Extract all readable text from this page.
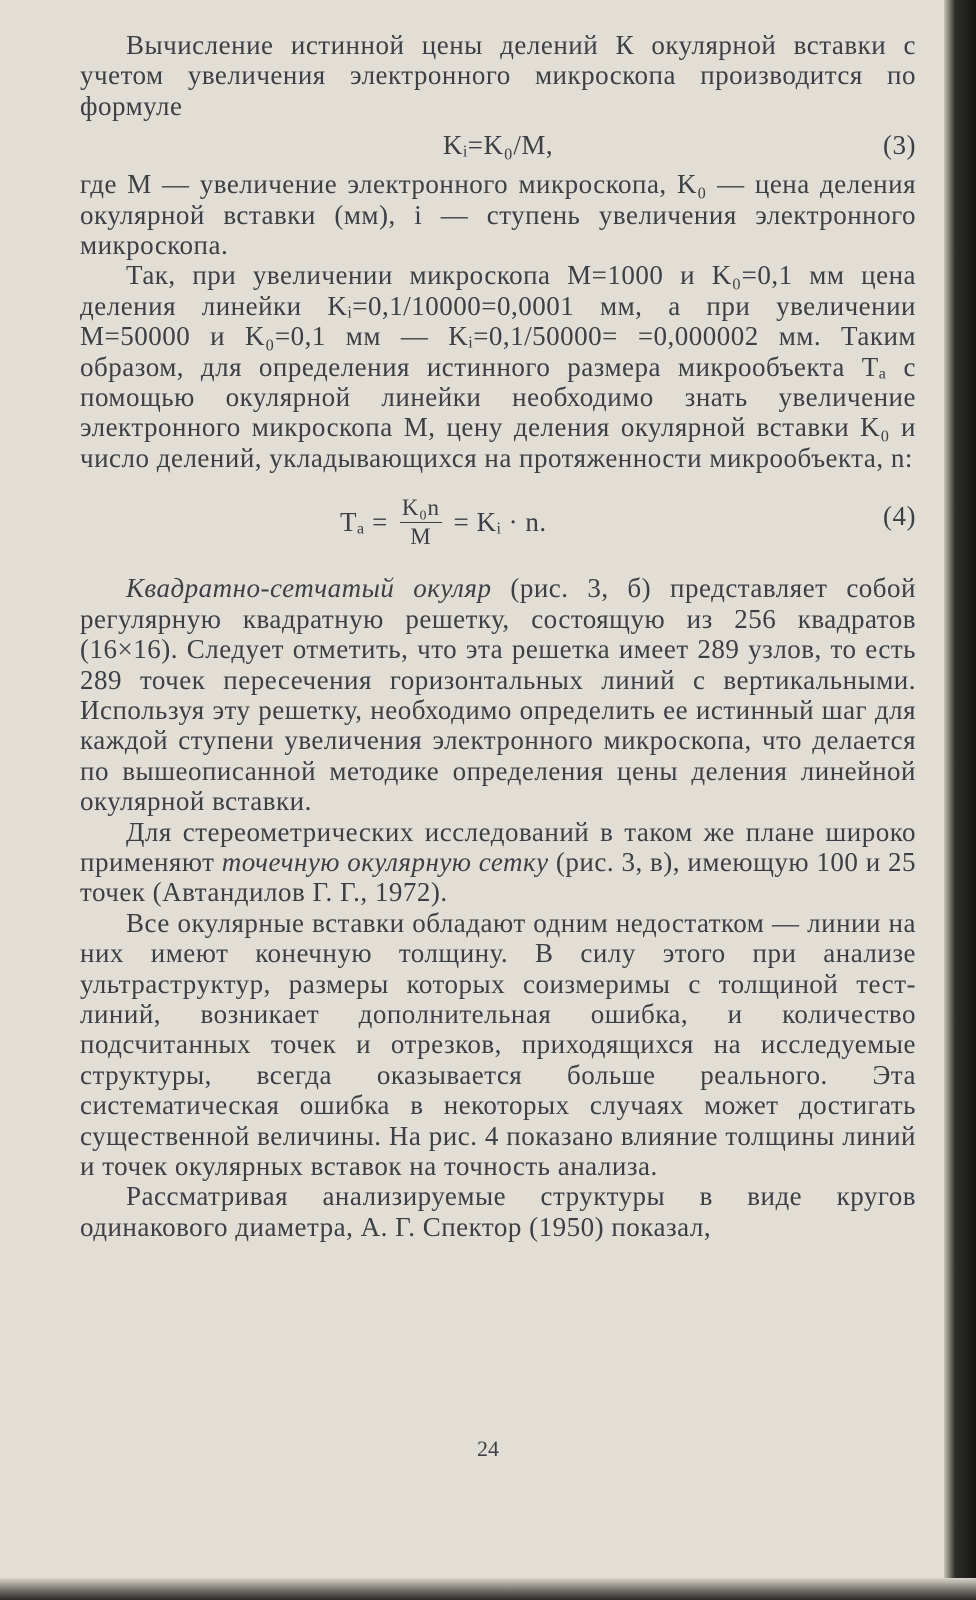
Вычисление истинной цены делений К окулярной вставки с учетом увеличения электронного микроскопа производится по формуле

Kᵢ=K₀/M,	(3)

где М — увеличение электронного микроскопа, K₀ — цена деления окулярной вставки (мм), i — ступень увеличения электронного микроскопа.

Так, при увеличении микроскопа М=1000 и K₀=0,1 мм цена деления линейки Kᵢ=0,1/10000=0,0001 мм, а при увеличении М=50000 и K₀=0,1 мм — Kᵢ=0,1/50000= =0,000002 мм. Таким образом, для определения истинного размера микрообъекта Tₐ с помощью окулярной линейки необходимо знать увеличение электронного микроскопа М, цену деления окулярной вставки K₀ и число делений, укладывающихся на протяженности микрообъекта, n:

$T_a = \frac{\text{K₀n}}{M}$ = Kᵢ · n.	(4)

Квадратно-сетчатый окуляр (рис. 3, б) представляет собой регулярную квадратную решетку, состоящую из 256 квадратов (16×16). Следует отметить, что эта решетка имеет 289 узлов, то есть 289 точек пересечения горизонтальных линий с вертикальными. Используя эту решетку, необходимо определить ее истинный шаг для каждой ступени увеличения электронного микроскопа, что делается по вышеописанной методике определения цены деления линейной окулярной вставки.

Для стереометрических исследований в таком же плане широко применяют точечную окулярную сетку (рис. 3, в), имеющую 100 и 25 точек (Автандилов Г. Г., 1972).

Все окулярные вставки обладают одним недостатком — линии на них имеют конечную толщину. В силу этого при анализе ультраструктур, размеры которых соизмеримы с толщиной тест-линий, возникает дополнительная ошибка, и количество подсчитанных точек и отрезков, приходящихся на исследуемые структуры, всегда оказывается больше реального. Эта систематическая ошибка в некоторых случаях может достигать существенной величины. На рис. 4 показано влияние толщины линий и точек окулярных вставок на точность анализа.

Рассматривая анализируемые структуры в виде кругов одинакового диаметра, А. Г. Спектор (1950) показал,

24
